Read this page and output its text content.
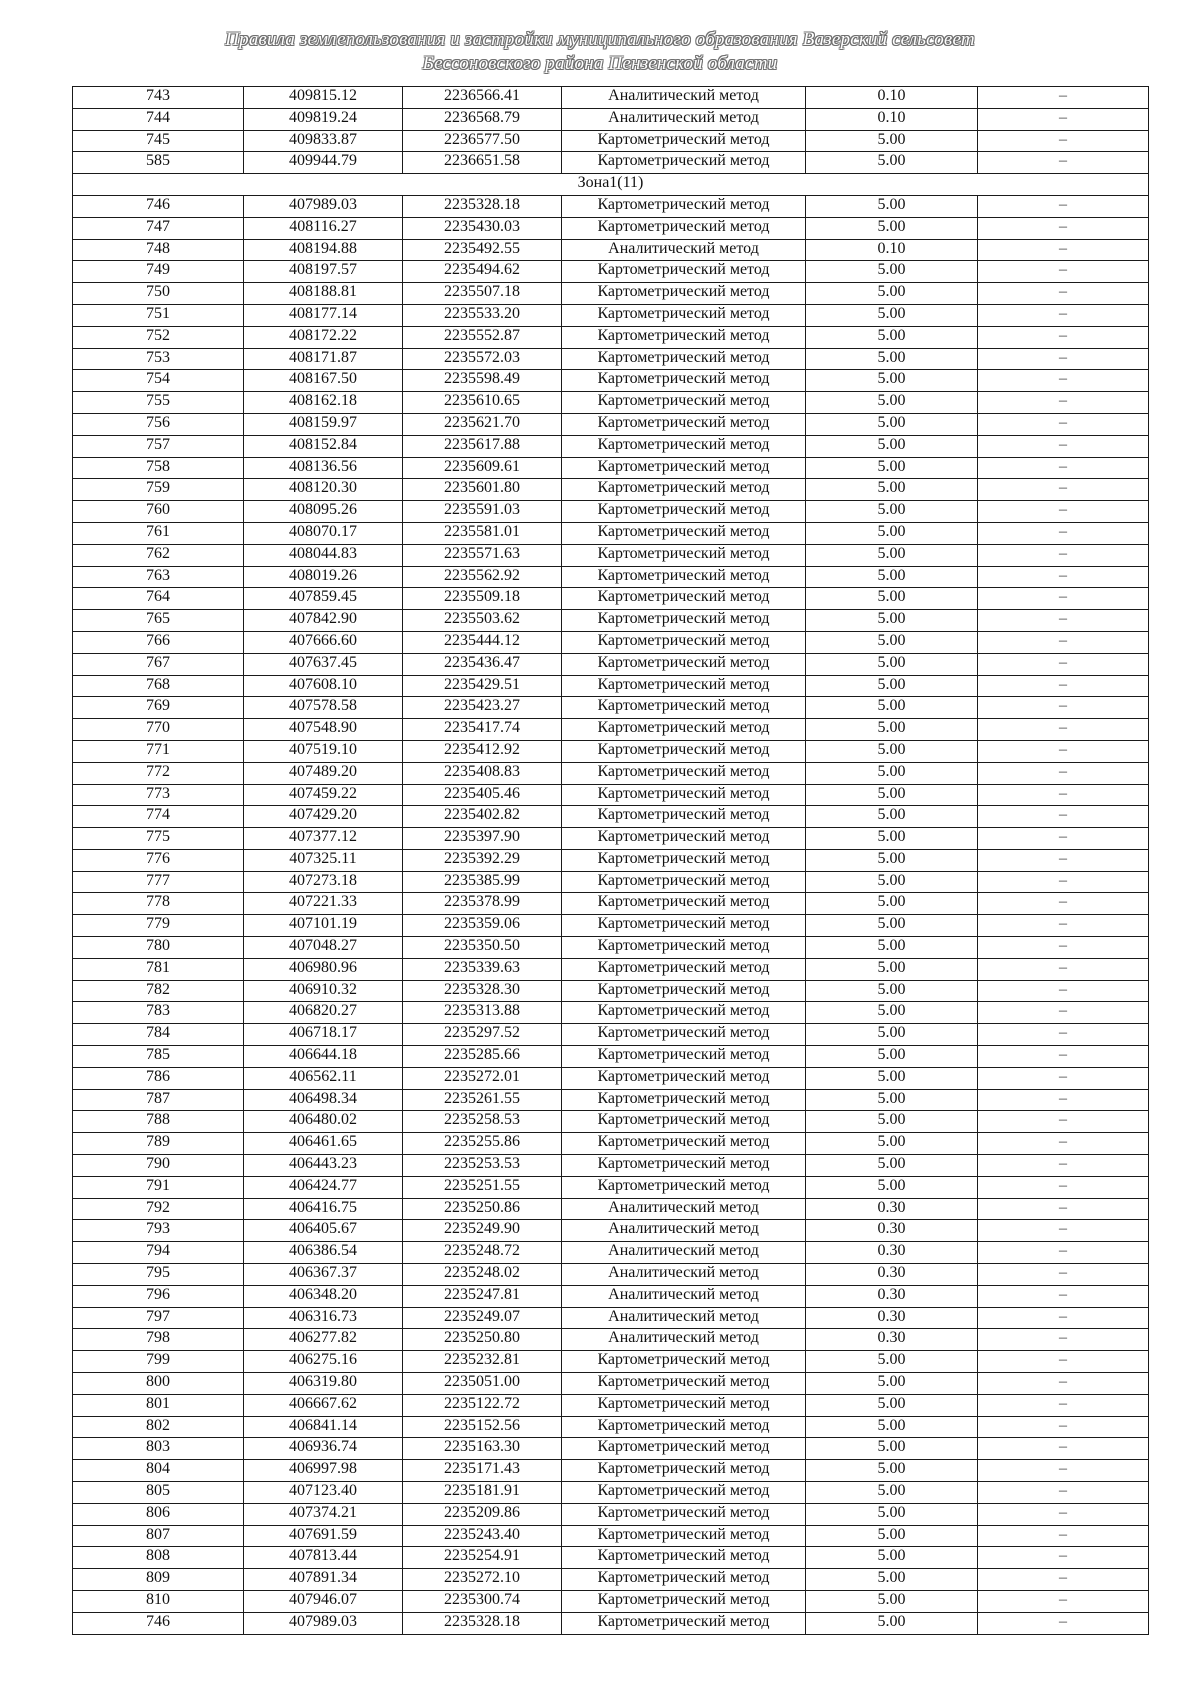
Правила землепользования и застройки муниципального образования Вазерский сельсовет
Бессоновского района Пензенской области
743	409815.12	2236566.41	Аналитический метод	0.10	–
744	409819.24	2236568.79	Аналитический метод	0.10	–
745	409833.87	2236577.50	Картометрический метод	5.00	–
585	409944.79	2236651.58	Картометрический метод	5.00	–
Зона1(11)					
746	407989.03	2235328.18	Картометрический метод	5.00	–
747	408116.27	2235430.03	Картометрический метод	5.00	–
748	408194.88	2235492.55	Аналитический метод	0.10	–
749	408197.57	2235494.62	Картометрический метод	5.00	–
750	408188.81	2235507.18	Картометрический метод	5.00	–
751	408177.14	2235533.20	Картометрический метод	5.00	–
752	408172.22	2235552.87	Картометрический метод	5.00	–
753	408171.87	2235572.03	Картометрический метод	5.00	–
754	408167.50	2235598.49	Картометрический метод	5.00	–
755	408162.18	2235610.65	Картометрический метод	5.00	–
756	408159.97	2235621.70	Картометрический метод	5.00	–
757	408152.84	2235617.88	Картометрический метод	5.00	–
758	408136.56	2235609.61	Картометрический метод	5.00	–
759	408120.30	2235601.80	Картометрический метод	5.00	–
760	408095.26	2235591.03	Картометрический метод	5.00	–
761	408070.17	2235581.01	Картометрический метод	5.00	–
762	408044.83	2235571.63	Картометрический метод	5.00	–
763	408019.26	2235562.92	Картометрический метод	5.00	–
764	407859.45	2235509.18	Картометрический метод	5.00	–
765	407842.90	2235503.62	Картометрический метод	5.00	–
766	407666.60	2235444.12	Картометрический метод	5.00	–
767	407637.45	2235436.47	Картометрический метод	5.00	–
768	407608.10	2235429.51	Картометрический метод	5.00	–
769	407578.58	2235423.27	Картометрический метод	5.00	–
770	407548.90	2235417.74	Картометрический метод	5.00	–
771	407519.10	2235412.92	Картометрический метод	5.00	–
772	407489.20	2235408.83	Картометрический метод	5.00	–
773	407459.22	2235405.46	Картометрический метод	5.00	–
774	407429.20	2235402.82	Картометрический метод	5.00	–
775	407377.12	2235397.90	Картометрический метод	5.00	–
776	407325.11	2235392.29	Картометрический метод	5.00	–
777	407273.18	2235385.99	Картометрический метод	5.00	–
778	407221.33	2235378.99	Картометрический метод	5.00	–
779	407101.19	2235359.06	Картометрический метод	5.00	–
780	407048.27	2235350.50	Картометрический метод	5.00	–
781	406980.96	2235339.63	Картометрический метод	5.00	–
782	406910.32	2235328.30	Картометрический метод	5.00	–
783	406820.27	2235313.88	Картометрический метод	5.00	–
784	406718.17	2235297.52	Картометрический метод	5.00	–
785	406644.18	2235285.66	Картометрический метод	5.00	–
786	406562.11	2235272.01	Картометрический метод	5.00	–
787	406498.34	2235261.55	Картометрический метод	5.00	–
788	406480.02	2235258.53	Картометрический метод	5.00	–
789	406461.65	2235255.86	Картометрический метод	5.00	–
790	406443.23	2235253.53	Картометрический метод	5.00	–
791	406424.77	2235251.55	Картометрический метод	5.00	–
792	406416.75	2235250.86	Аналитический метод	0.30	–
793	406405.67	2235249.90	Аналитический метод	0.30	–
794	406386.54	2235248.72	Аналитический метод	0.30	–
795	406367.37	2235248.02	Аналитический метод	0.30	–
796	406348.20	2235247.81	Аналитический метод	0.30	–
797	406316.73	2235249.07	Аналитический метод	0.30	–
798	406277.82	2235250.80	Аналитический метод	0.30	–
799	406275.16	2235232.81	Картометрический метод	5.00	–
800	406319.80	2235051.00	Картометрический метод	5.00	–
801	406667.62	2235122.72	Картометрический метод	5.00	–
802	406841.14	2235152.56	Картометрический метод	5.00	–
803	406936.74	2235163.30	Картометрический метод	5.00	–
804	406997.98	2235171.43	Картометрический метод	5.00	–
805	407123.40	2235181.91	Картометрический метод	5.00	–
806	407374.21	2235209.86	Картометрический метод	5.00	–
807	407691.59	2235243.40	Картометрический метод	5.00	–
808	407813.44	2235254.91	Картометрический метод	5.00	–
809	407891.34	2235272.10	Картометрический метод	5.00	–
810	407946.07	2235300.74	Картометрический метод	5.00	–
746	407989.03	2235328.18	Картометрический метод	5.00	–
